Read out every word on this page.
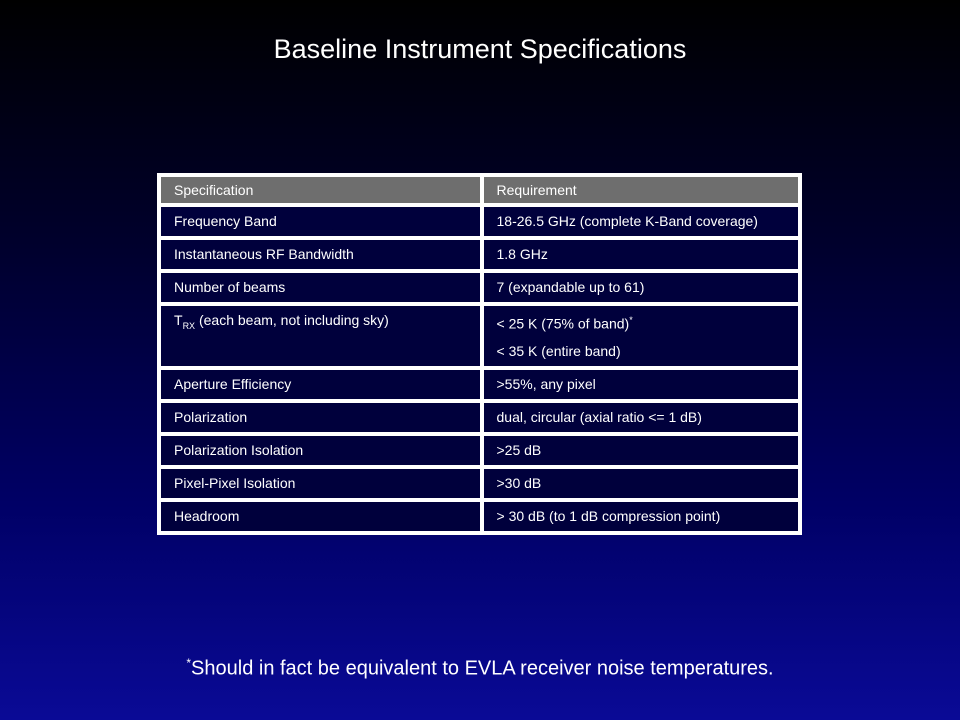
Baseline Instrument Specifications
Specification	Requirement
Frequency Band	18-26.5 GHz (complete K-Band coverage)
Instantaneous RF Bandwidth	1.8 GHz
Number of beams	7 (expandable up to 61)
$T_{RX}$ (each beam, not including sky)	< 25 K (75% of band)*
< 35 K (entire band)

Aperture Efficiency	>55%, any pixel
Polarization	dual, circular (axial ratio <= 1 dB)
Polarization Isolation	>25 dB
Pixel-Pixel Isolation	>30 dB
Headroom	> 30 dB (to 1 dB compression point)
*Should in fact be equivalent to EVLA receiver noise temperatures.
